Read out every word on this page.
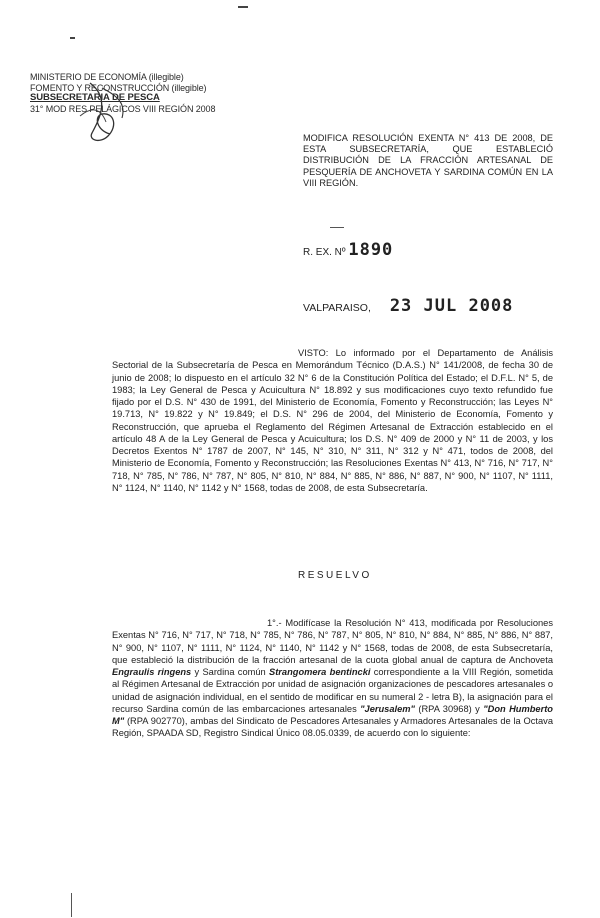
MINISTERIO DE ECONOMÍA (illegible)
FOMENTO Y RECONSTRUCCIÓN (illegible)
SUBSECRETARIA DE PESCA
31° MOD RES PELÁGICOS VIII REGIÓN 2008
MODIFICA RESOLUCIÓN EXENTA N° 413 DE 2008, DE ESTA SUBSECRETARÍA, QUE ESTABLECIÓ DISTRIBUCIÓN DE LA FRACCIÓN ARTESANAL DE PESQUERÍA DE ANCHOVETA Y SARDINA COMÚN EN LA VIII REGIÓN.
R. EX. Nº 1890
VALPARAISO, 23 JUL 2008

VISTO: Lo informado por el Departamento de Análisis Sectorial de la Subsecretaría de Pesca en Memorándum Técnico (D.A.S.) N° 141/2008, de fecha 30 de junio de 2008; lo dispuesto en el artículo 32 N° 6 de la Constitución Política del Estado; el D.F.L. N° 5, de 1983; la Ley General de Pesca y Acuicultura N° 18.892 y sus modificaciones cuyo texto refundido fue fijado por el D.S. N° 430 de 1991, del Ministerio de Economía, Fomento y Reconstrucción; las Leyes N° 19.713, N° 19.822 y N° 19.849; el D.S. N° 296 de 2004, del Ministerio de Economía, Fomento y Reconstrucción, que aprueba el Reglamento del Régimen Artesanal de Extracción establecido en el artículo 48 A de la Ley General de Pesca y Acuicultura; los D.S. N° 409 de 2000 y N° 11 de 2003, y los Decretos Exentos N° 1787 de 2007, N° 145, N° 310, N° 311, N° 312 y N° 471, todos de 2008, del Ministerio de Economía, Fomento y Reconstrucción; las Resoluciones Exentas N° 413, N° 716, N° 717, N° 718, N° 785, N° 786, N° 787, N° 805, N° 810, N° 884, N° 885, N° 886, N° 887, N° 900, N° 1107, N° 1111, N° 1124, N° 1140, N° 1142 y N° 1568, todas de 2008, de esta Subsecretaría.

RESUELVO

1°.- Modifícase la Resolución N° 413, modificada por Resoluciones Exentas N° 716, N° 717, N° 718, N° 785, N° 786, N° 787, N° 805, N° 810, N° 884, N° 885, N° 886, N° 887, N° 900, N° 1107, N° 1111, N° 1124, N° 1140, N° 1142 y N° 1568, todas de 2008, de esta Subsecretaría, que estableció la distribución de la fracción artesanal de la cuota global anual de captura de Anchoveta Engraulis ringens y Sardina común Strangomera bentincki correspondiente a la VIII Región, sometida al Régimen Artesanal de Extracción por unidad de asignación organizaciones de pescadores artesanales o unidad de asignación individual, en el sentido de modificar en su numeral 2 - letra B), la asignación para el recurso Sardina común de las embarcaciones artesanales "Jerusalem" (RPA 30968) y "Don Humberto M" (RPA 902770), ambas del Sindicato de Pescadores Artesanales y Armadores Artesanales de la Octava Región, SPAADA SD, Registro Sindical Único 08.05.0339, de acuerdo con lo siguiente:
